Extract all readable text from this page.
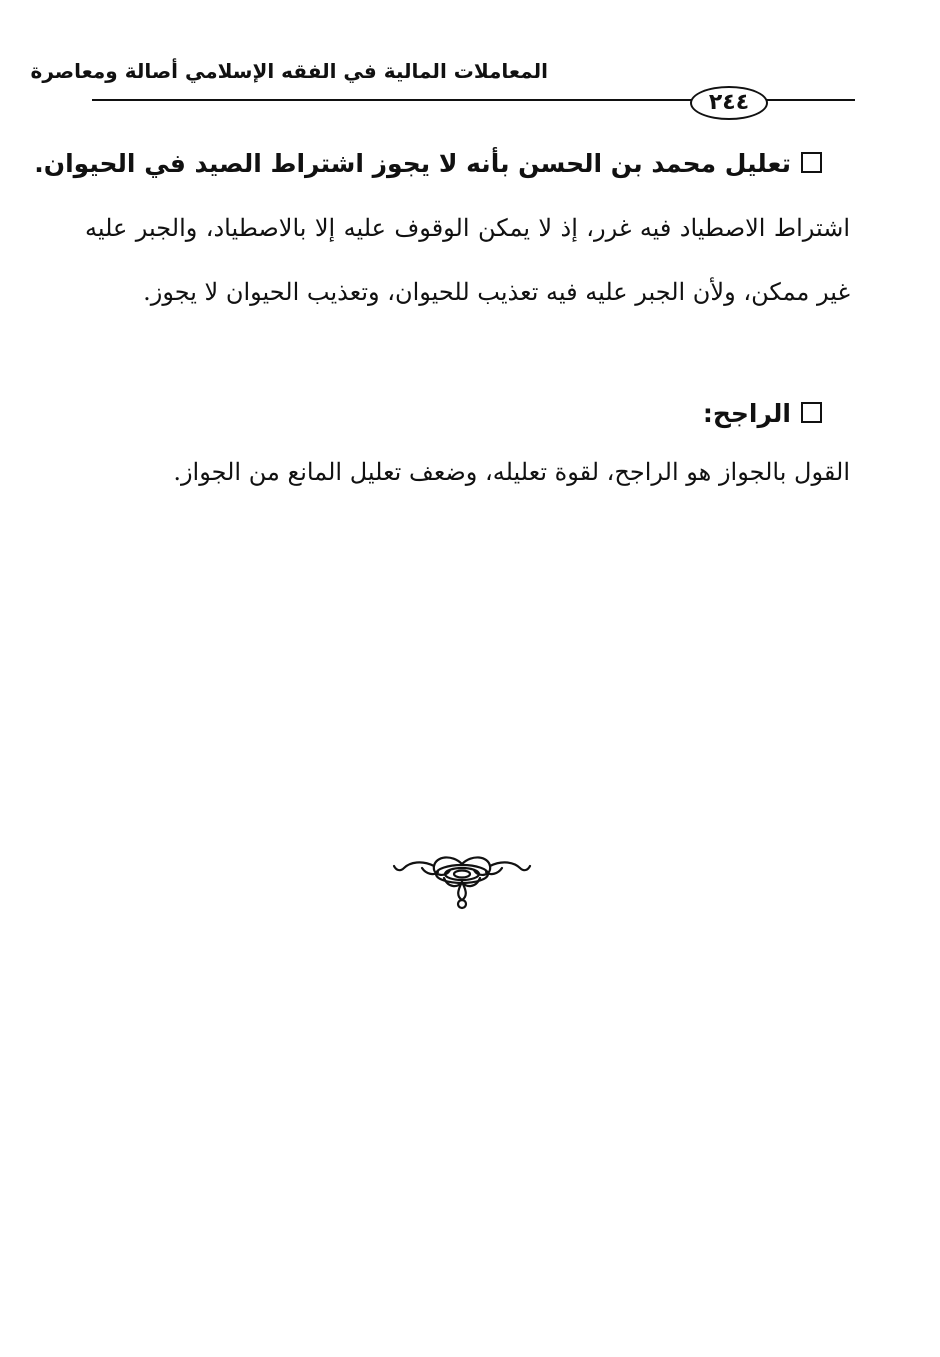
المعاملات المالية في الفقه الإسلامي أصالة ومعاصرة
٢٤٤
تعليل محمد بن الحسن بأنه لا يجوز اشتراط الصيد في الحيوان.
اشتراط الاصطياد فيه غرر، إذ لا يمكن الوقوف عليه إلا بالاصطياد، والجبر عليه غير ممكن، ولأن الجبر عليه فيه تعذيب للحيوان، وتعذيب الحيوان لا يجوز.
الراجح:
القول بالجواز هو الراجح، لقوة تعليله، وضعف تعليل المانع من الجواز.
